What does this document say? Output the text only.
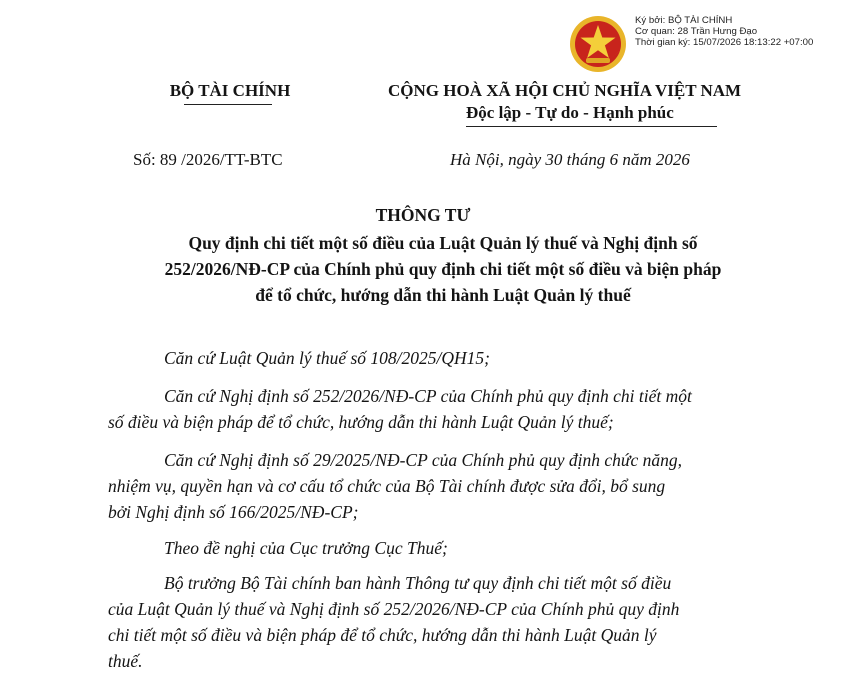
Ký bởi: BỘ TÀI CHÍNH
Cơ quan: 28 Trần Hưng Đạo
Thời gian ký: 15/07/2026 18:13:22 +07:00
BỘ TÀI CHÍNH	CỘNG HOÀ XÃ HỘI CHỦ NGHĨA VIỆT NAM
Độc lập - Tự do - Hạnh phúc
Số: 89 /2026/TT-BTC	Hà Nội, ngày 30 tháng 6 năm 2026
THÔNG TƯ
Quy định chi tiết một số điều của Luật Quản lý thuế và Nghị định số
252/2026/NĐ-CP của Chính phủ quy định chi tiết một số điều và biện pháp
để tổ chức, hướng dẫn thi hành Luật Quản lý thuế
Căn cứ Luật Quản lý thuế số 108/2025/QH15;
Căn cứ Nghị định số 252/2026/NĐ-CP của Chính phủ quy định chi tiết một
số điều và biện pháp để tổ chức, hướng dẫn thi hành Luật Quản lý thuế;
Căn cứ Nghị định số 29/2025/NĐ-CP của Chính phủ quy định chức năng,
nhiệm vụ, quyền hạn và cơ cấu tổ chức của Bộ Tài chính được sửa đổi, bổ sung
bởi Nghị định số 166/2025/NĐ-CP;
Theo đề nghị của Cục trưởng Cục Thuế;
Bộ trưởng Bộ Tài chính ban hành Thông tư quy định chi tiết một số điều
của Luật Quản lý thuế và Nghị định số 252/2026/NĐ-CP của Chính phủ quy định
chi tiết một số điều và biện pháp để tổ chức, hướng dẫn thi hành Luật Quản lý
thuế.
